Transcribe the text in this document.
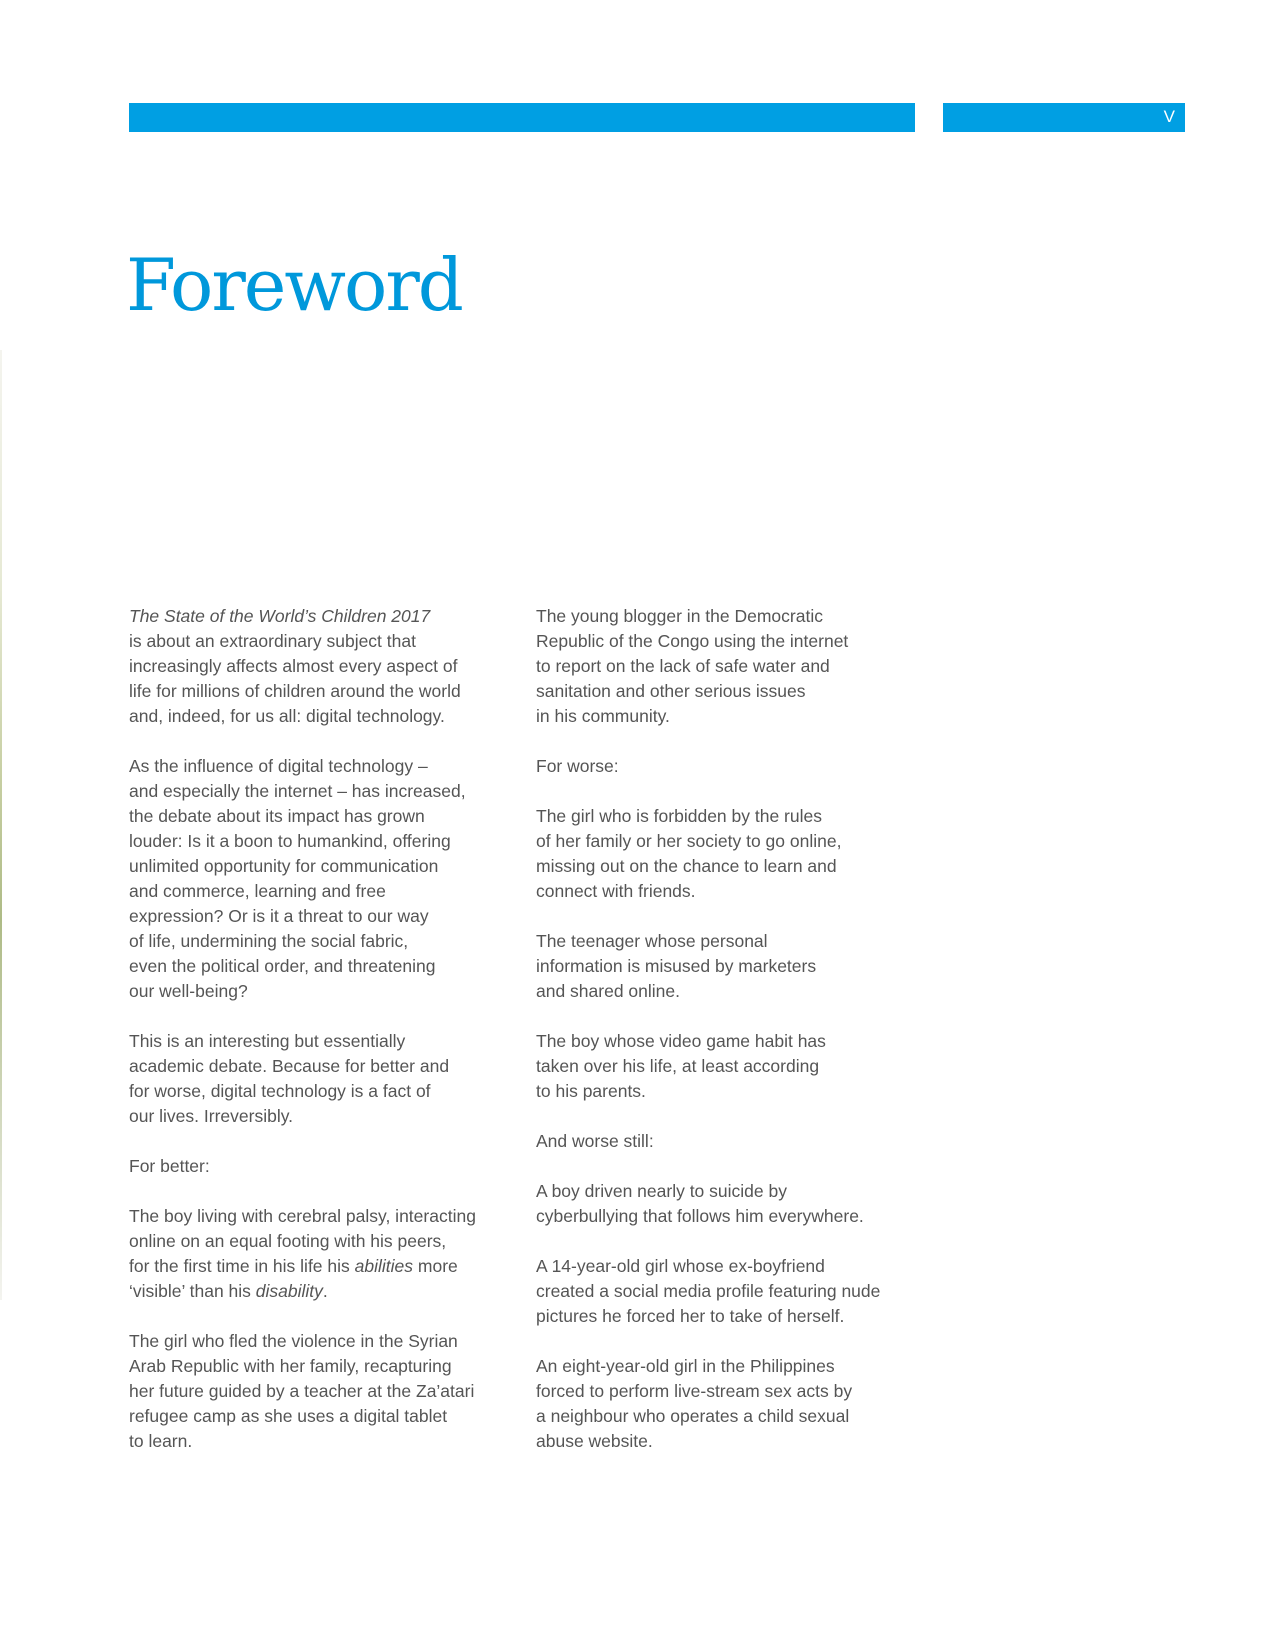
V
Foreword

The State of the World’s Children 2017
is about an extraordinary subject that
increasingly affects almost every aspect of
life for millions of children around the world
and, indeed, for us all: digital technology.

As the influence of digital technology –
and especially the internet – has increased,
the debate about its impact has grown
louder: Is it a boon to humankind, offering
unlimited opportunity for communication
and commerce, learning and free
expression? Or is it a threat to our way
of life, undermining the social fabric,
even the political order, and threatening
our well-being?

This is an interesting but essentially
academic debate. Because for better and
for worse, digital technology is a fact of
our lives. Irreversibly.

For better:

The boy living with cerebral palsy, interacting
online on an equal footing with his peers,
for the first time in his life his abilities more
‘visible’ than his disability.

The girl who fled the violence in the Syrian
Arab Republic with her family, recapturing
her future guided by a teacher at the Za’atari
refugee camp as she uses a digital tablet
to learn.

The young blogger in the Democratic
Republic of the Congo using the internet
to report on the lack of safe water and
sanitation and other serious issues
in his community.

For worse:

The girl who is forbidden by the rules
of her family or her society to go online,
missing out on the chance to learn and
connect with friends.

The teenager whose personal
information is misused by marketers
and shared online.

The boy whose video game habit has
taken over his life, at least according
to his parents.

And worse still:

A boy driven nearly to suicide by
cyberbullying that follows him everywhere.

A 14-year-old girl whose ex-boyfriend
created a social media profile featuring nude
pictures he forced her to take of herself.

An eight-year-old girl in the Philippines
forced to perform live-stream sex acts by
a neighbour who operates a child sexual
abuse website.
